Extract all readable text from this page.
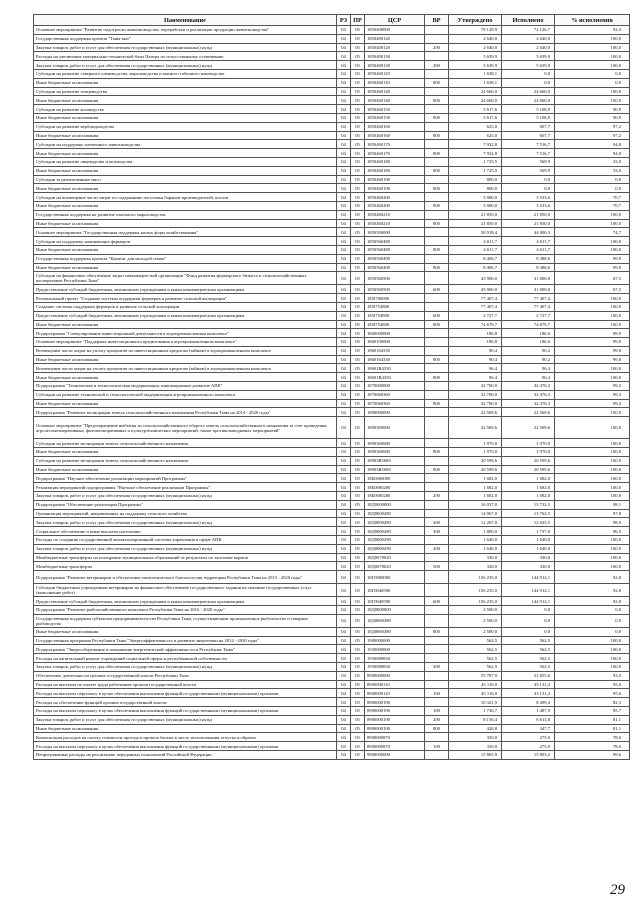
Наименование	РЗ	ПР	ЦСР	ВР	Утверждено	Исполнено	% исполнения
Основное мероприятие "Развитие подотрасли животноводства, переработки и реализации продукции животноводства"	04	05	1850400000		78 128,9	72 126,7	92,3
Государственная поддержка проекта "Тыва-кыт"	04	05	1850400120		2 640,0	2 640,0	100,0
Закупка товаров, работ и услуг для обеспечения государственных (муниципальных) нужд	04	05	1850400120	200	2 640,0	2 640,0	100,0
Расходы на увеличение материально-технической базы Центра по искусственному осеменению	04	05	1850400130		5 639,9	5 639,9	100,0
Закупка товаров, работ и услуг для обеспечения государственных (муниципальных) нужд	04	05	1850400130	200	5 639,9	5 639,9	100,0
Субсидии на развитие северного оленеводства, мараловодства и мясного табунного коневодства	04	05	1850460110		1 638,1	0,0	0,0
Иные бюджетные ассигнования	04	05	1850460110	800	1 638,1	0,0	0,0
Субсидии на развитие птицеводства	04	05	1850460140		24 660,0	24 660,0	100,0
Иные бюджетные ассигнования	04	05	1850460140	800	24 660,0	24 660,0	100,0
Субсидии на развитие козоводства	04	05	1850460150		5 617,6	5 108,9	90,9
Иные бюджетные ассигнования	04	05	1850460150	800	5 617,6	5 108,9	90,9
Субсидии на развитие верблюдоводства	04	05	1850460160		625,0	607,7	97,2
Иные бюджетные ассигнования	04	05	1850460160	800	625,0	607,7	97,2
Субсидии на поддержку племенного животноводства	04	05	1850460170		7 932,8	7 516,7	94,8
Иные бюджетные ассигнования	04	05	1850460170	800	7 932,8	7 516,7	94,8
Субсидии на развитие овцеводства и козоводства	04	05	1850460180		1 725,5	569,9	33,0
Иные бюджетные ассигнования	04	05	1850460180	800	1 725,5	569,9	33,0
Субсидии за реализованное мясо	04	05	1850460190		800,0	0,0	0,0
Иные бюджетные ассигнования	04	05	1850460190	800	800,0	0,0	0,0
Субсидии на возмещение части затрат по содержанию поголовья баранов-производителей, козлов	04	05	1850460200		5 000,0	3 533,6	70,7
Иные бюджетные ассигнования	04	05	1850460200	800	5 000,0	3 533,6	70,7
Государственная поддержка на развитие пантового мараловодства	04	05	1850460210		21 850,0	21 850,0	100,0
Иные бюджетные ассигнования	04	05	1850460210	800	21 850,0	21 850,0	100,0
Основное мероприятие "Государственная поддержка малых форм хозяйствования"	04	05	1850500000		58 918,4	44 000,3	74,7
Субсидии на поддержку начинающих фермеров	04	05	1850560480		4 611,7	4 611,7	100,0
Иные бюджетные ассигнования	04	05	1850560480	800	4 611,7	4 611,7	100,0
Государственная поддержка проекта "Кыштаг для молодой семьи"	04	05	1850560490		8 406,7	8 388,6	99,8
Иные бюджетные ассигнования	04	05	1850560490	800	8 406,7	8 388,6	99,8
Субсидии на финансовое обеспечение затрат некоммерческой организации "Фонд развития фермерского бизнеса и сельскохозяйственных кооперативов Республики Тыва"	04	05	1850560500		45 900,0	31 000,0	67,5
Предоставление субсидий бюджетным, автономным учреждениям и иным некоммерческим организациям	04	05	1850560500	600	45 900,0	31 000,0	67,5
Региональный проект "Создание системы поддержки фермеров и развитие сельской кооперации"	04	05	185I700000		77 407,4	77 407,4	100,0
Создание системы поддержки фермеров и развитие сельской кооперации	04	05	185I754800		77 407,4	77 407,4	100,0
Предоставление субсидий бюджетным, автономным учреждениям и иным некоммерческим организациям	04	05	185I754800	600	2 727,7	2 727,7	100,0
Иные бюджетные ассигнования	04	05	185I754800	800	74 679,7	74 679,7	100,0
Подпрограмма "Стимулирование инвестиционной деятельности в агропромышленном комплексе"	04	05	1860000000		186,8	186,6	99,9
Основное мероприятие "Поддержка инвестиционного кредитования в агропромышленном комплексе"	04	05	1860100000		186,8	186,6	99,9
Возмещение части затрат на уплату процентов по инвестиционным кредитам (займам) в агропромышленном комплексе	04	05	1860164330		90,4	90,2	99,8
Иные бюджетные ассигнования	04	05	1860164330	800	90,4	90,2	99,8
Возмещение части затрат на уплату процентов по инвестиционным кредитам (займам) в агропромышленном комплексе	04	05	18601R4330		96,4	96,4	100,0
Иные бюджетные ассигнования	04	05	18601R4330	800	96,4	96,4	100,0
Подпрограмма "Техническая и технологическая модернизация, инновационное развитие АПК"	04	05	1870000000		32 700,0	32 476,3	99,3
Субсидии на развитие технической и технологической модернизации агропромышленного комплекса	04	05	1870060360		32 700,0	32 476,3	99,3
Иные бюджетные ассигнования	04	05	1870060360	800	32 700,0	32 476,3	99,3
Подпрограмма "Развитие мелиорации земель сельскохозяйственного назначения Республики Тыва на 2014 - 2020 годы"	04	05	1890000000		22 569,6	22 569,6	100,0
Основное мероприятие "Предотвращение выбытия из сельскохозяйственного оборота земель сельскохозяйственного назначения за счет проведения агролесомелиоративных, фитомелиоративных и культуртехнических мероприятий, также противопаводковых мероприятий"	04	05	1890300000		22 569,6	22 569,6	100,0
Субсидии на развитие мелиорации земель сельскохозяйственного назначения	04	05	1890360680		1 970,0	1 970,0	100,0
Иные бюджетные ассигнования	04	05	1890360680	800	1 970,0	1 970,0	100,0
Субсидии на развитие мелиорации земель сельскохозяйственного назначения	04	05	18903R5680		20 599,6	20 599,6	100,0
Иные бюджетные ассигнования	04	05	18903R5680	800	20 599,6	20 599,6	100,0
Подпрограмма "Научное обеспечение реализации мероприятий Программы"	04	05	18Б0000000		1 682,0	1 682,0	100,0
Реализация мероприятий подпрограммы "Научное обеспечение реализации Программы"	04	05	18Б0000280		1 682,0	1 682,0	100,0
Закупка товаров, работ и услуг для обеспечения государственных (муниципальных) нужд	04	05	18Б0000280	200	1 682,0	1 682,0	100,0
Подпрограмма "Обеспечение реализации Программы"	04	05	18Д0000000		16 037,0	15 732,5	98,1
Организация мероприятий, направленных на поддержку сельского хозяйства	04	05	18Д0000280		14 067,0	13 762,5	97,8
Закупка товаров, работ и услуг для обеспечения государственных (муниципальных) нужд	04	05	18Д0000280	200	12 267,0	12 025,5	98,0
Социальное обеспечение и иные выплаты населению	04	05	18Д0000280	300	1 800,0	1 737,0	96,5
Расходы по созданию государственной автоматизированной системы управления в сфере АПК	04	05	18Д0000290		1 640,0	1 640,0	100,0
Закупка товаров, работ и услуг для обеспечения государственных (муниципальных) нужд	04	05	18Д0000290	200	1 640,0	1 640,0	100,0
Межбюджетные трансферты на поощрение муниципальных образований за результаты по заготовке кормов	04	05	18Д0078020		330,0	330,0	100,0
Межбюджетные трансферты	04	05	18Д0078020	500	330,0	330,0	100,0
Подпрограмма "Развитие ветеринарии и обеспечение эпизоотического благополучия территории Республики Тыва на 2015 - 2020 годы"	04	05	18Г0000000		156 235,0	144 912,1	92,8
Субсидии бюджетным учреждениям ветеринарии на финансовое обеспечение государственного задания на оказание государственных услуг (выполнение работ)	04	05	18Г0040590		156 235,0	144 912,1	92,8
Предоставление субсидий бюджетным, автономным учреждениям и иным некоммерческим организациям	04	05	18Г0040590	600	156 235,0	144 912,1	92,8
Подпрограмма "Развитие рыбохозяйственного комплекса Республики Тыва на 2016 - 2020 годы"	04	05	18Д0000000		2 500,0	0,0	0,0
Государственная поддержка субъектам предпринимательства Республики Тыва, осуществляющим промышленное рыболовство и товарное рыбоводство	04	05	18Д0060380		2 500,0	0,0	0,0
Иные бюджетные ассигнования	04	05	18Д0060380	800	2 500,0	0,0	0,0
Государственная программа Республики Тыва "Энергоэффективность и развитие энергетики на 2014 - 2020 годы"	04	05	1900000000		562,5	562,5	100,0
Подпрограмма "Энергосбережение и повышение энергетической эффективности в Республике Тыва"	04	05	1930000000		562,5	562,5	100,0
Расходы на капитальный ремонт учреждений социальной сферы и респубманской собственности	04	05	1930088830		562,5	562,5	100,0
Закупка товаров, работ и услуг для обеспечения государственных (муниципальных) нужд	04	05	1930088830	200	562,5	562,5	100,0
Обеспечение деятельности органов государственной власти Республики Тыва	04	05	8900000000		55 787,9	51 855,6	93,0
Расходы на выплаты по оплате труда работников органов государственной власти	04	05	8900000110		45 116,0	43 131,2	95,6
Расходы на выплаты персоналу в целях обеспечения выполнения функций государственными (муниципальными) органами	04	05	8900000110	100	45 116,0	43 131,2	95,6
Расходы на обеспечение функций органов государственной власти	04	05	8900000190		10 321,9	8 499,4	82,3
Расходы на выплаты персоналу в целях обеспечения выполнения функций государственными (муниципальными) органами	04	05	8900000190	100	1 736,7	1 487,9	85,7
Закупка товаров, работ и услуг для обеспечения государственных (муниципальных) нужд	04	05	8900000190	200	8 156,4	6 613,8	81,1
Иные бюджетные ассигнования	04	05	8900000190	800	428,8	347,7	81,1
Компенсация расходов на оплату стоимости проезда и провоза багажа к месту использования отпуска и обратно	04	05	8900000870		350,0	275,0	78,6
Расходы на выплаты персоналу в целях обеспечения выполнения функций государственными (муниципальными) органами	04	05	8900000870	100	350,0	275,0	78,6
Непрограммные расходы на реализацию переданных полномочий Российской Федерации	04	05	9900000000		15 865,9	15 803,2	99,6
29
